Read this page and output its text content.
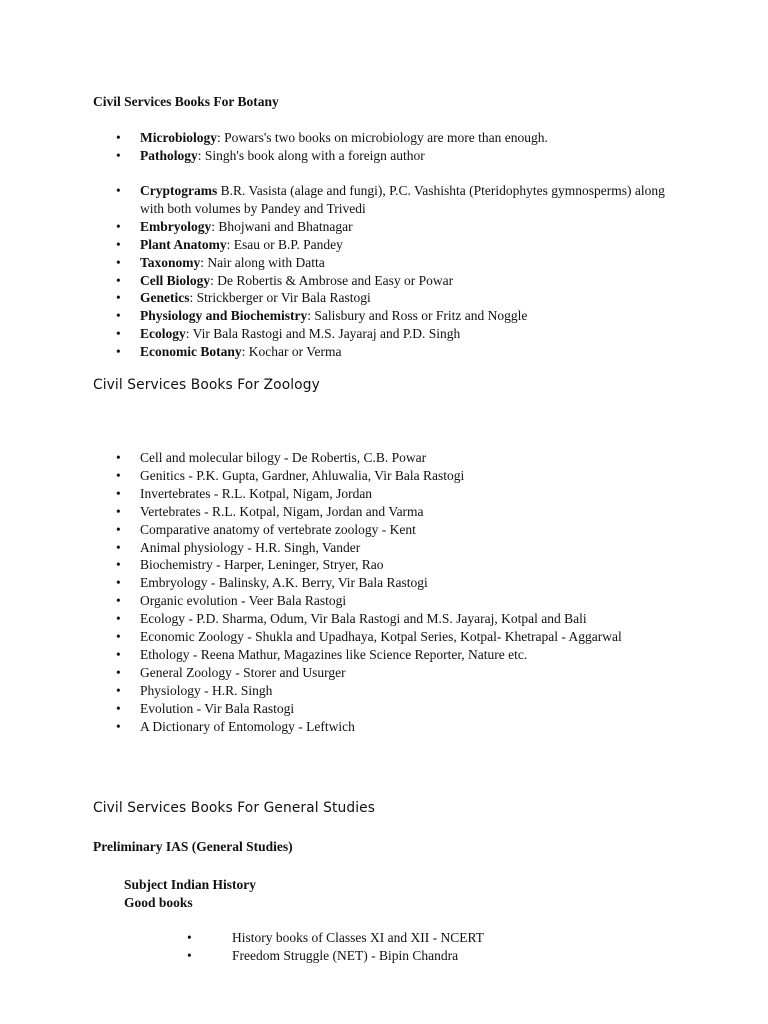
Civil Services Books For Botany
• Microbiology: Powars's two books on microbiology are more than enough.
• Pathology: Singh's book along with a foreign author
• Cryptograms B.R. Vasista (alage and fungi), P.C. Vashishta (Pteridophytes gymnosperms) along with both volumes by Pandey and Trivedi
• Embryology: Bhojwani and Bhatnagar
• Plant Anatomy: Esau or B.P. Pandey
• Taxonomy: Nair along with Datta
• Cell Biology: De Robertis & Ambrose and Easy or Powar
• Genetics: Strickberger or Vir Bala Rastogi
• Physiology and Biochemistry: Salisbury and Ross or Fritz and Noggle
• Ecology: Vir Bala Rastogi and M.S. Jayaraj and P.D. Singh
• Economic Botany: Kochar or Verma
Civil Services Books For Zoology
• Cell and molecular bilogy - De Robertis, C.B. Powar
• Genitics - P.K. Gupta, Gardner, Ahluwalia, Vir Bala Rastogi
• Invertebrates - R.L. Kotpal, Nigam, Jordan
• Vertebrates - R.L. Kotpal, Nigam, Jordan and Varma
• Comparative anatomy of vertebrate zoology - Kent
• Animal physiology - H.R. Singh, Vander
• Biochemistry - Harper, Leninger, Stryer, Rao
• Embryology - Balinsky, A.K. Berry, Vir Bala Rastogi
• Organic evolution - Veer Bala Rastogi
• Ecology - P.D. Sharma, Odum, Vir Bala Rastogi and M.S. Jayaraj, Kotpal and Bali
• Economic Zoology - Shukla and Upadhaya, Kotpal Series, Kotpal- Khetrapal - Aggarwal
• Ethology - Reena Mathur, Magazines like Science Reporter, Nature etc.
• General Zoology - Storer and Usurger
• Physiology - H.R. Singh
• Evolution - Vir Bala Rastogi
• A Dictionary of Entomology - Leftwich
Civil Services Books For General Studies
Preliminary IAS (General Studies)
Subject Indian History
Good books
•	History books of Classes XI and XII - NCERT
•	Freedom Struggle (NET) - Bipin Chandra
